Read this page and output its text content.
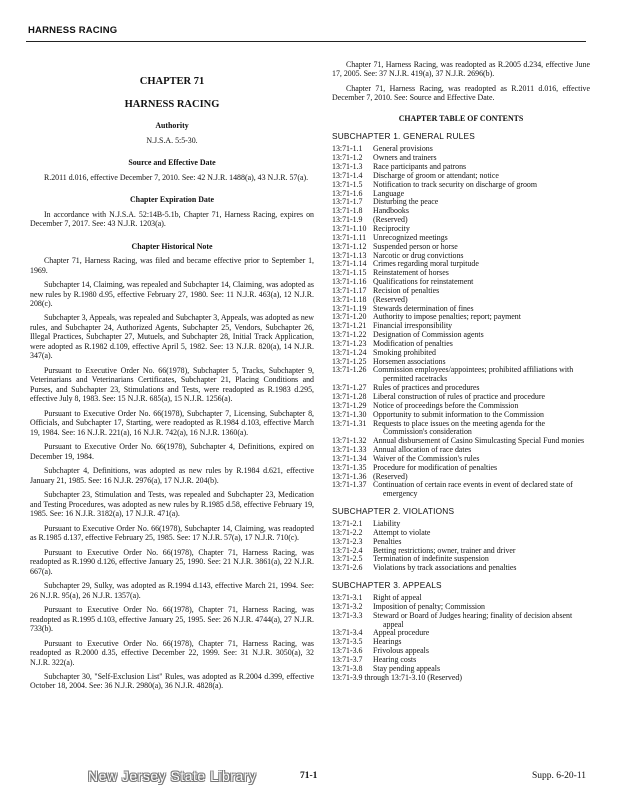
HARNESS RACING
CHAPTER 71
HARNESS RACING
Authority
N.J.S.A. 5:5-30.
Source and Effective Date

R.2011 d.016, effective December 7, 2010. See: 42 N.J.R. 1488(a), 43 N.J.R. 57(a).

Chapter Expiration Date

In accordance with N.J.S.A. 52:14B-5.1b, Chapter 71, Harness Racing, expires on December 7, 2017. See: 43 N.J.R. 1203(a).

Chapter Historical Note

Chapter 71, Harness Racing, was filed and became effective prior to September 1, 1969.

Subchapter 14, Claiming, was repealed and Subchapter 14, Claiming, was adopted as new rules by R.1980 d.95, effective February 27, 1980. See: 11 N.J.R. 463(a), 12 N.J.R. 208(c).

Subchapter 3, Appeals, was repealed and Subchapter 3, Appeals, was adopted as new rules, and Subchapter 24, Authorized Agents, Subchapter 25, Vendors, Subchapter 26, Illegal Practices, Subchapter 27, Mutuels, and Subchapter 28, Initial Track Application, were adopted as R.1982 d.109, effective April 5, 1982. See: 13 N.J.R. 820(a), 14 N.J.R. 347(a).

Pursuant to Executive Order No. 66(1978), Subchapter 5, Tracks, Subchapter 9, Veterinarians and Veterinarians Certificates, Subchapter 21, Placing Conditions and Purses, and Subchapter 23, Stimulations and Tests, were readopted as R.1983 d.295, effective July 8, 1983. See: 15 N.J.R. 685(a), 15 N.J.R. 1256(a).

Pursuant to Executive Order No. 66(1978), Subchapter 7, Licensing, Subchapter 8, Officials, and Subchapter 17, Starting, were readopted as R.1984 d.103, effective March 19, 1984. See: 16 N.J.R. 221(a), 16 N.J.R. 742(a), 16 N.J.R. 1360(a).

Pursuant to Executive Order No. 66(1978), Subchapter 4, Definitions, expired on December 19, 1984.

Subchapter 4, Definitions, was adopted as new rules by R.1984 d.621, effective January 21, 1985. See: 16 N.J.R. 2976(a), 17 N.J.R. 204(b).

Subchapter 23, Stimulation and Tests, was repealed and Subchapter 23, Medication and Testing Procedures, was adopted as new rules by R.1985 d.58, effective February 19, 1985. See: 16 N.J.R. 3182(a), 17 N.J.R. 471(a).

Pursuant to Executive Order No. 66(1978), Subchapter 14, Claiming, was readopted as R.1985 d.137, effective February 25, 1985. See: 17 N.J.R. 57(a), 17 N.J.R. 710(c).

Pursuant to Executive Order No. 66(1978), Chapter 71, Harness Racing, was readopted as R.1990 d.126, effective January 25, 1990. See: 21 N.J.R. 3861(a), 22 N.J.R. 667(a).

Subchapter 29, Sulky, was adopted as R.1994 d.143, effective March 21, 1994. See: 26 N.J.R. 95(a), 26 N.J.R. 1357(a).

Pursuant to Executive Order No. 66(1978), Chapter 71, Harness Racing, was readopted as R.1995 d.103, effective January 25, 1995. See: 26 N.J.R. 4744(a), 27 N.J.R. 733(b).

Pursuant to Executive Order No. 66(1978), Chapter 71, Harness Racing, was readopted as R.2000 d.35, effective December 22, 1999. See: 31 N.J.R. 3050(a), 32 N.J.R. 322(a).

Subchapter 30, "Self-Exclusion List" Rules, was adopted as R.2004 d.399, effective October 18, 2004. See: 36 N.J.R. 2980(a), 36 N.J.R. 4828(a).

Chapter 71, Harness Racing, was readopted as R.2005 d.234, effective June 17, 2005. See: 37 N.J.R. 419(a), 37 N.J.R. 2696(b).

Chapter 71, Harness Racing, was readopted as R.2011 d.016, effective December 7, 2010. See: Source and Effective Date.

CHAPTER TABLE OF CONTENTS
SUBCHAPTER 1. GENERAL RULES
13:71-1.1	General provisions
13:71-1.2	Owners and trainers
13:71-1.3	Race participants and patrons
13:71-1.4	Discharge of groom or attendant; notice
13:71-1.5	Notification to track security on discharge of groom
13:71-1.6	Language
13:71-1.7	Disturbing the peace
13:71-1.8	Handbooks
13:71-1.9	(Reserved)
13:71-1.10 Reciprocity
13:71-1.11 Unrecognized meetings
13:71-1.12 Suspended person or horse
13:71-1.13 Narcotic or drug convictions
13:71-1.14 Crimes regarding moral turpitude
13:71-1.15 Reinstatement of horses
13:71-1.16 Qualifications for reinstatement
13:71-1.17 Recision of penalties
13:71-1.18 (Reserved)
13:71-1.19 Stewards determination of fines
13:71-1.20 Authority to impose penalties; report; payment
13:71-1.21 Financial irresponsibility
13:71-1.22 Designation of Commission agents
13:71-1.23 Modification of penalties
13:71-1.24 Smoking prohibited
13:71-1.25 Horsemen associations
13:71-1.26 Commission employees/appointees; prohibited affiliations with permitted racetracks
13:71-1.27 Rules of practices and procedures
13:71-1.28 Liberal construction of rules of practice and procedure
13:71-1.29 Notice of proceedings before the Commission
13:71-1.30 Opportunity to submit information to the Commission
13:71-1.31 Requests to place issues on the meeting agenda for the Commission's consideration
13:71-1.32 Annual disbursement of Casino Simulcasting Special Fund monies
13:71-1.33 Annual allocation of race dates
13:71-1.34 Waiver of the Commission's rules
13:71-1.35 Procedure for modification of penalties
13:71-1.36 (Reserved)
13:71-1.37 Continuation of certain race events in event of declared state of emergency
SUBCHAPTER 2. VIOLATIONS
13:71-2.1	Liability
13:71-2.2	Attempt to violate
13:71-2.3	Penalties
13:71-2.4	Betting restrictions; owner, trainer and driver
13:71-2.5	Termination of indefinite suspension
13:71-2.6	Violations by track associations and penalties
SUBCHAPTER 3. APPEALS
13:71-3.1	Right of appeal
13:71-3.2	Imposition of penalty; Commission
13:71-3.3	Steward or Board of Judges hearing; finality of decision absent appeal
13:71-3.4	Appeal procedure
13:71-3.5	Hearings
13:71-3.6	Frivolous appeals
13:71-3.7	Hearing costs
13:71-3.8	Stay pending appeals
13:71-3.9 through 13:71-3.10 (Reserved)
New Jersey State Library	71-1	Supp. 6-20-11
